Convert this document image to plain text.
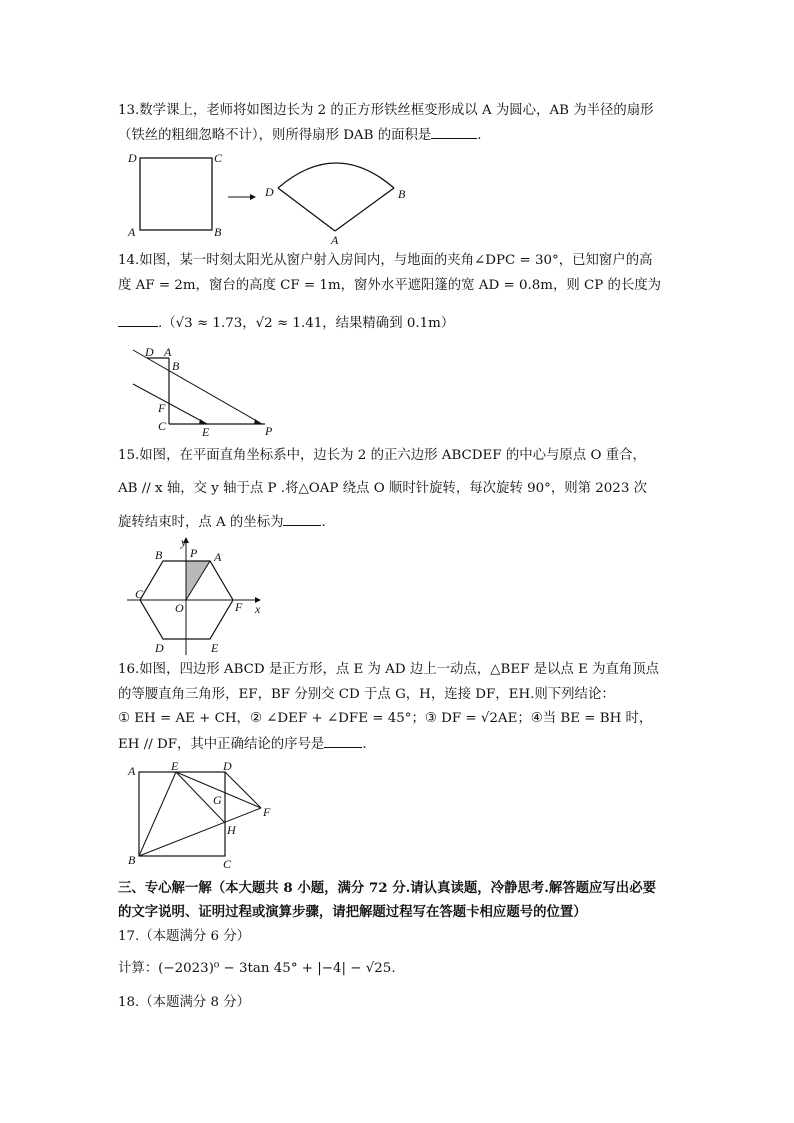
13.数学课上，老师将如图边长为 2 的正方形铁丝框变形成以 A 为圆心，AB 为半径的扇形
（铁丝的粗细忽略不计），则所得扇形 DAB 的面积是	.
D	C
A	B
D	B
A
14.如图，某一时刻太阳光从窗户射入房间内，与地面的夹角∠DPC = 30°，已知窗户的高
度 AF = 2m，窗台的高度 CF = 1m，窗外水平遮阳篷的宽 AD = 0.8m，则 CP 的长度为
.（√3 ≈ 1.73，√2 ≈ 1.41，结果精确到 0.1m）
D A
B
F
C	E	P
15.如图，在平面直角坐标系中，边长为 2 的正六边形 ABCDEF 的中心与原点 O 重合，
AB // x 轴，交 y 轴于点 P .将△OAP 绕点 O 顺时针旋转，每次旋转 90°，则第 2023 次
旋转结束时，点 A 的坐标为	.
y
x
B P A
C
O	F
D	E
16.如图，四边形 ABCD 是正方形，点 E 为 AD 边上一动点，△BEF 是以点 E 为直角顶点
的等腰直角三角形，EF，BF 分别交 CD 于点 G，H，连接 DF，EH.则下列结论：
① EH = AE + CH，② ∠DEF + ∠DFE = 45°；③ DF = √2AE；④当 BE = BH 时，
EH // DF，其中正确结论的序号是	.
A	E	D
G
F
H
B	C
三、专心解一解（本大题共 8 小题，满分 72 分.请认真读题，冷静思考.解答题应写出必要
的文字说明、证明过程或演算步骤，请把解题过程写在答题卡相应题号的位置）
17.（本题满分 6 分）
计算：(−2023)⁰ − 3tan 45° + |−4| − √25.
18.（本题满分 8 分）
